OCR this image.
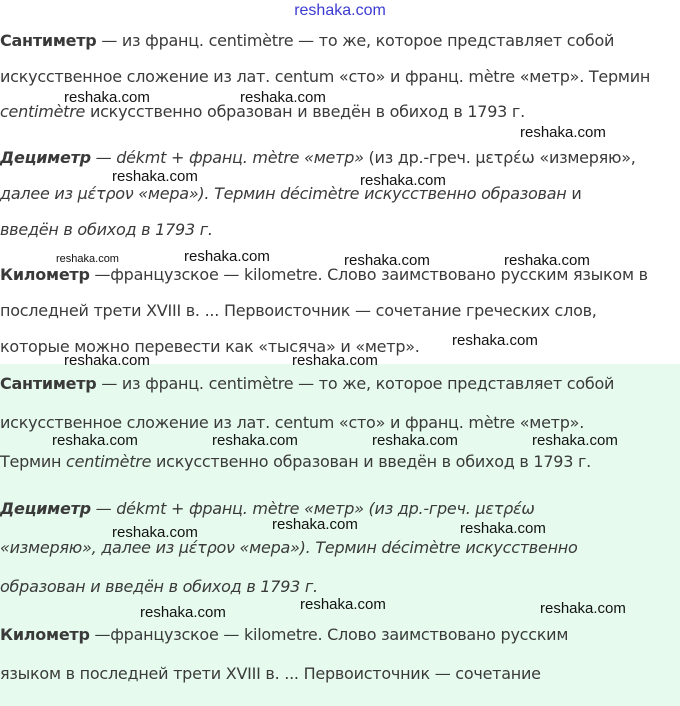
reshaka.com
Сантиметр — из франц. centimètre — то же, которое представляет собой
искусственное сложение из лат. centum «сто» и франц. mètre «метр». Термин
centimètre искусственно образован и введён в обиход в 1793 г.
Дециметр — dékmt + франц. mètre «метр» (из др.-греч. μετρέω «измеряю»,
далее из μέτρον «мера»). Термин décimètre искусственно образован и
введён в обиход в 1793 г.
Километр —французское — kilometre. Слово заимствовано русским языком в
последней трети XVIII в. ... Первоисточник — сочетание греческих слов,
которые можно перевести как «тысяча» и «метр».
Сантиметр — из франц. centimètre — то же, которое представляет собой
искусственное сложение из лат. centum «сто» и франц. mètre «метр».
Термин centimètre искусственно образован и введён в обиход в 1793 г.
Дециметр — dékmt + франц. mètre «метр» (из др.-греч. μετρέω
«измеряю», далее из μέτρον «мера»). Термин décimètre искусственно
образован и введён в обиход в 1793 г.
Километр —французское — kilometre. Слово заимствовано русским
языком в последней трети XVIII в. ... Первоисточник — сочетание
reshaka.com	reshaka.com
reshaka.com
reshaka.com	reshaka.com
reshaka.com	reshaka.com	reshaka.com	reshaka.com
reshaka.com
reshaka.com	reshaka.com
reshaka.com	reshaka.com	reshaka.com	reshaka.com
reshaka.com
reshaka.com	reshaka.com
reshaka.com
reshaka.com	reshaka.com
